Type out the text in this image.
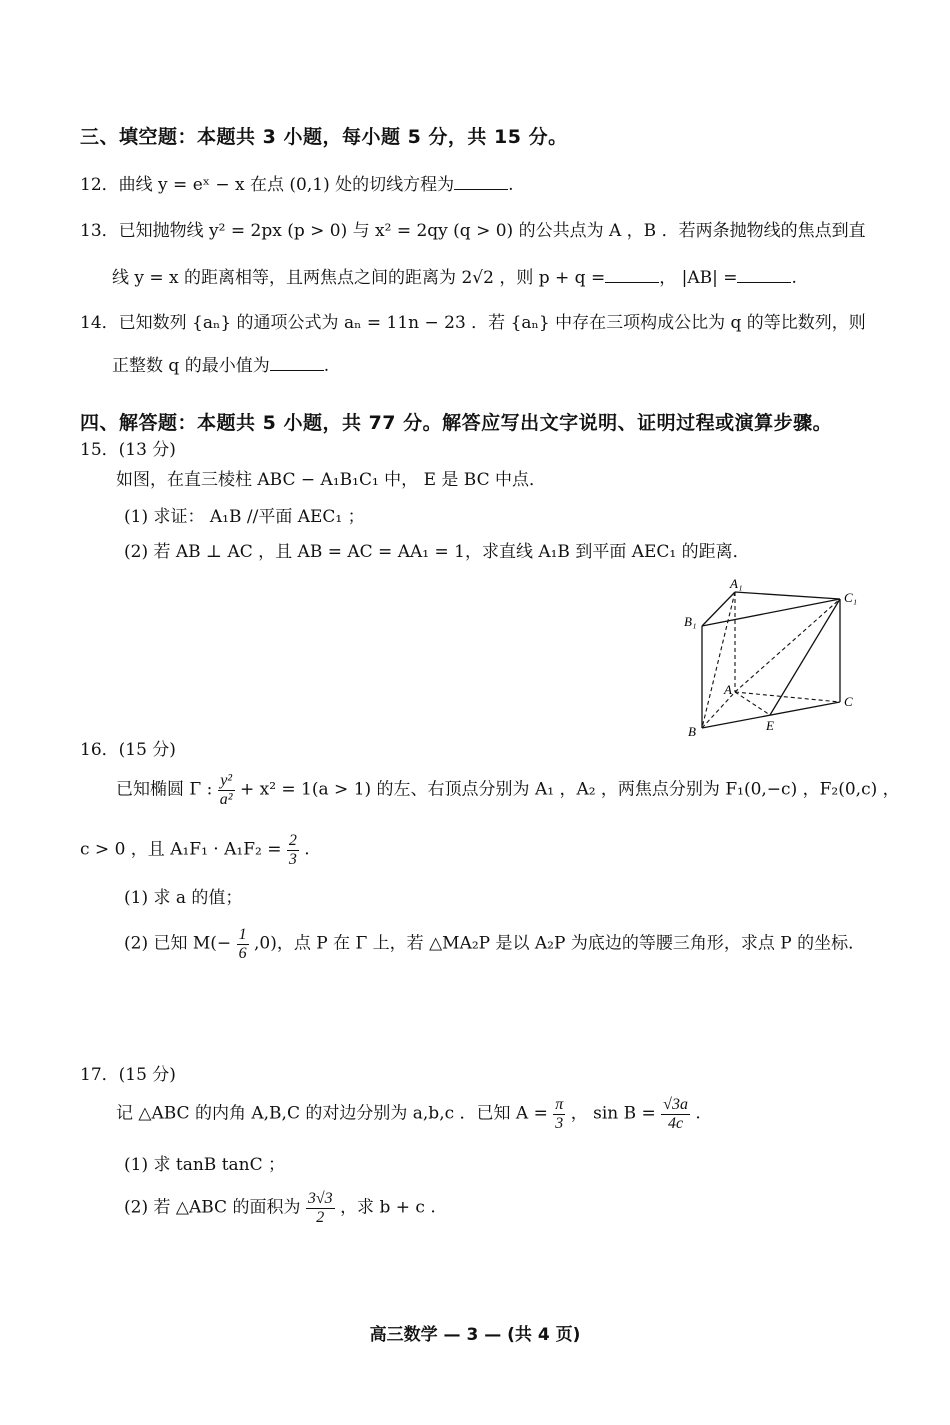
三、填空题：本题共 3 小题，每小题 5 分，共 15 分。
12．曲线 y = eˣ − x 在点 (0,1) 处的切线方程为	.
13．已知抛物线 y² = 2px (p > 0) 与 x² = 2qy (q > 0) 的公共点为 A ，B ．若两条抛物线的焦点到直
线 y = x 的距离相等，且两焦点之间的距离为 2√2 ，则 p + q =	， |AB| =	.
14．已知数列 {aₙ} 的通项公式为 aₙ = 11n − 23 ．若 {aₙ} 中存在三项构成公比为 q 的等比数列，则
正整数 q 的最小值为	.
四、解答题：本题共 5 小题，共 77 分。解答应写出文字说明、证明过程或演算步骤。
15．(13 分)
如图，在直三棱柱 ABC − A₁B₁C₁ 中， E 是 BC 中点．
(1) 求证： A₁B //平面 AEC₁ ；
(2) 若 AB ⊥ AC ，且 AB = AC = AA₁ = 1，求直线 A₁B 到平面 AEC₁ 的距离．
A₁
B₁
C₁
A
B
C
E
16．(15 分)
已知椭圆 Γ : $\frac{\text{y²}}{\text{a²}} + x^2 = 1(a > 1)$ 的左、右顶点分别为 A₁ ，A₂ ，两焦点分别为 F₁(0,−c) ，F₂(0,c) ，
c > 0 ，且 $A_1F_1 \cdot A_1F_2 = \frac{2}{3}$ .
(1) 求 a 的值；
(2) 已知 $M(- \frac{1}{6} ,0)$，点 P 在 Γ 上，若 △MA₂P 是以 A₂P 为底边的等腰三角形，求点 P 的坐标．
17．(15 分)
记 △ABC 的内角 A,B,C 的对边分别为 a,b,c ．已知 $A = \frac{\pi}{3}$ ， $\sin B = \frac{√3a}{4c}$ .
(1) 求 tanB tanC ；
(2) 若 △ABC 的面积为 $\frac{3√3}{2}$ ，求 b + c .
高三数学 — 3 — (共 4 页)
